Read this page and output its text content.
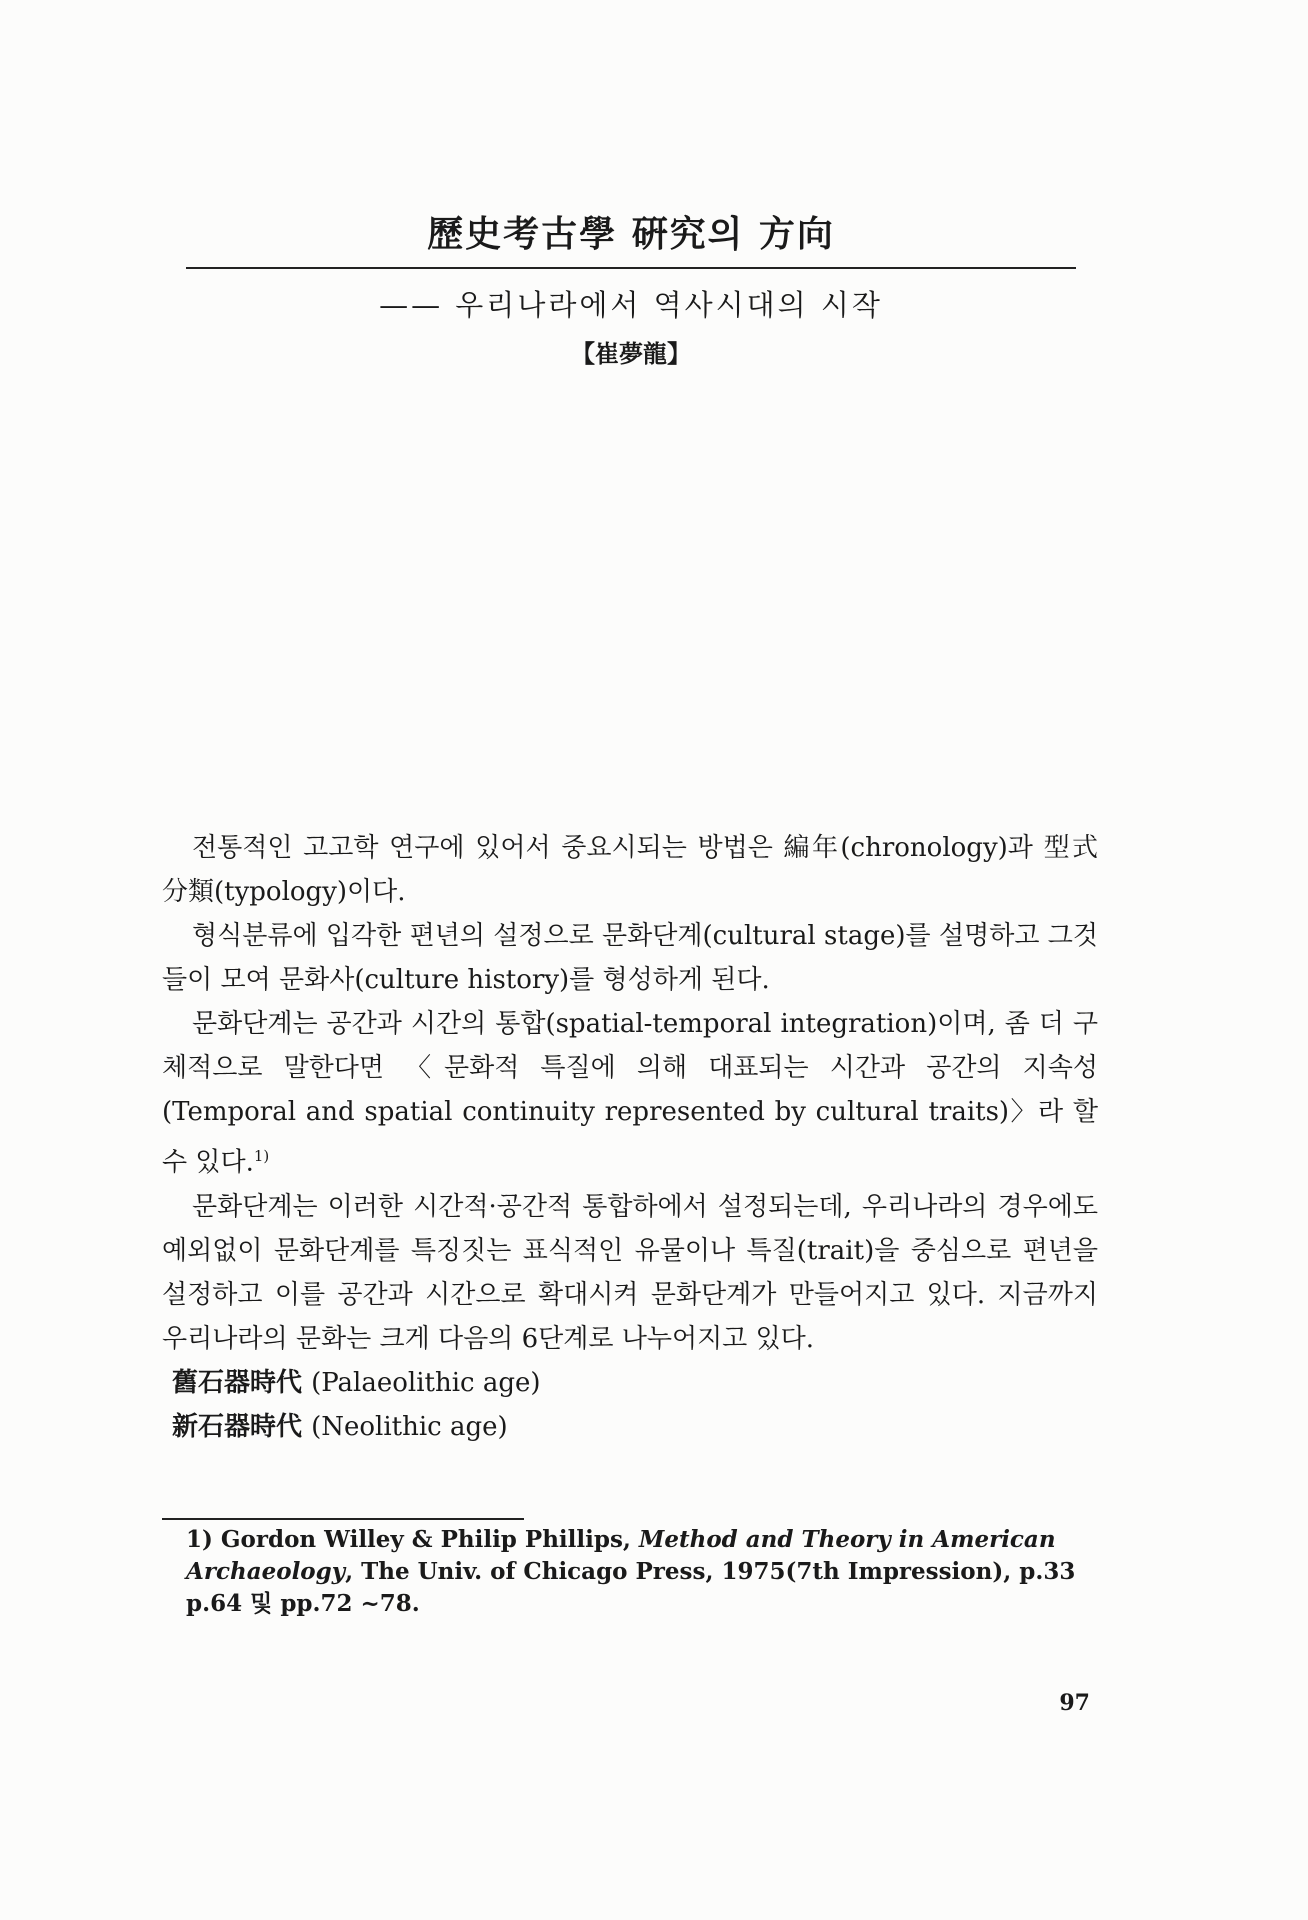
歷史考古學 硏究의 方向
—— 우리나라에서 역사시대의 시작
【崔夢龍】

전통적인 고고학 연구에 있어서 중요시되는 방법은 編年(chronology)과 型式分類(typology)이다.

형식분류에 입각한 편년의 설정으로 문화단계(cultural stage)를 설명하고 그것들이 모여 문화사(culture history)를 형성하게 된다.

문화단계는 공간과 시간의 통합(spatial-temporal integration)이며, 좀 더 구체적으로 말한다면 〈문화적 특질에 의해 대표되는 시간과 공간의 지속성 (Temporal and spatial continuity represented by cultural traits)〉라 할 수 있다.$^{1)}$

문화단계는 이러한 시간적·공간적 통합하에서 설정되는데, 우리나라의 경우에도 예외없이 문화단계를 특징짓는 표식적인 유물이나 특질(trait)을 중심으로 편년을 설정하고 이를 공간과 시간으로 확대시켜 문화단계가 만들어지고 있다. 지금까지 우리나라의 문화는 크게 다음의 6단계로 나누어지고 있다.

舊石器時代 (Palaeolithic age)
新石器時代 (Neolithic age)
1) Gordon Willey & Philip Phillips, Method and Theory in American Archaeology, The Univ. of Chicago Press, 1975(7th Impression), p.33 p.64 및 pp.72 ~78.
97
